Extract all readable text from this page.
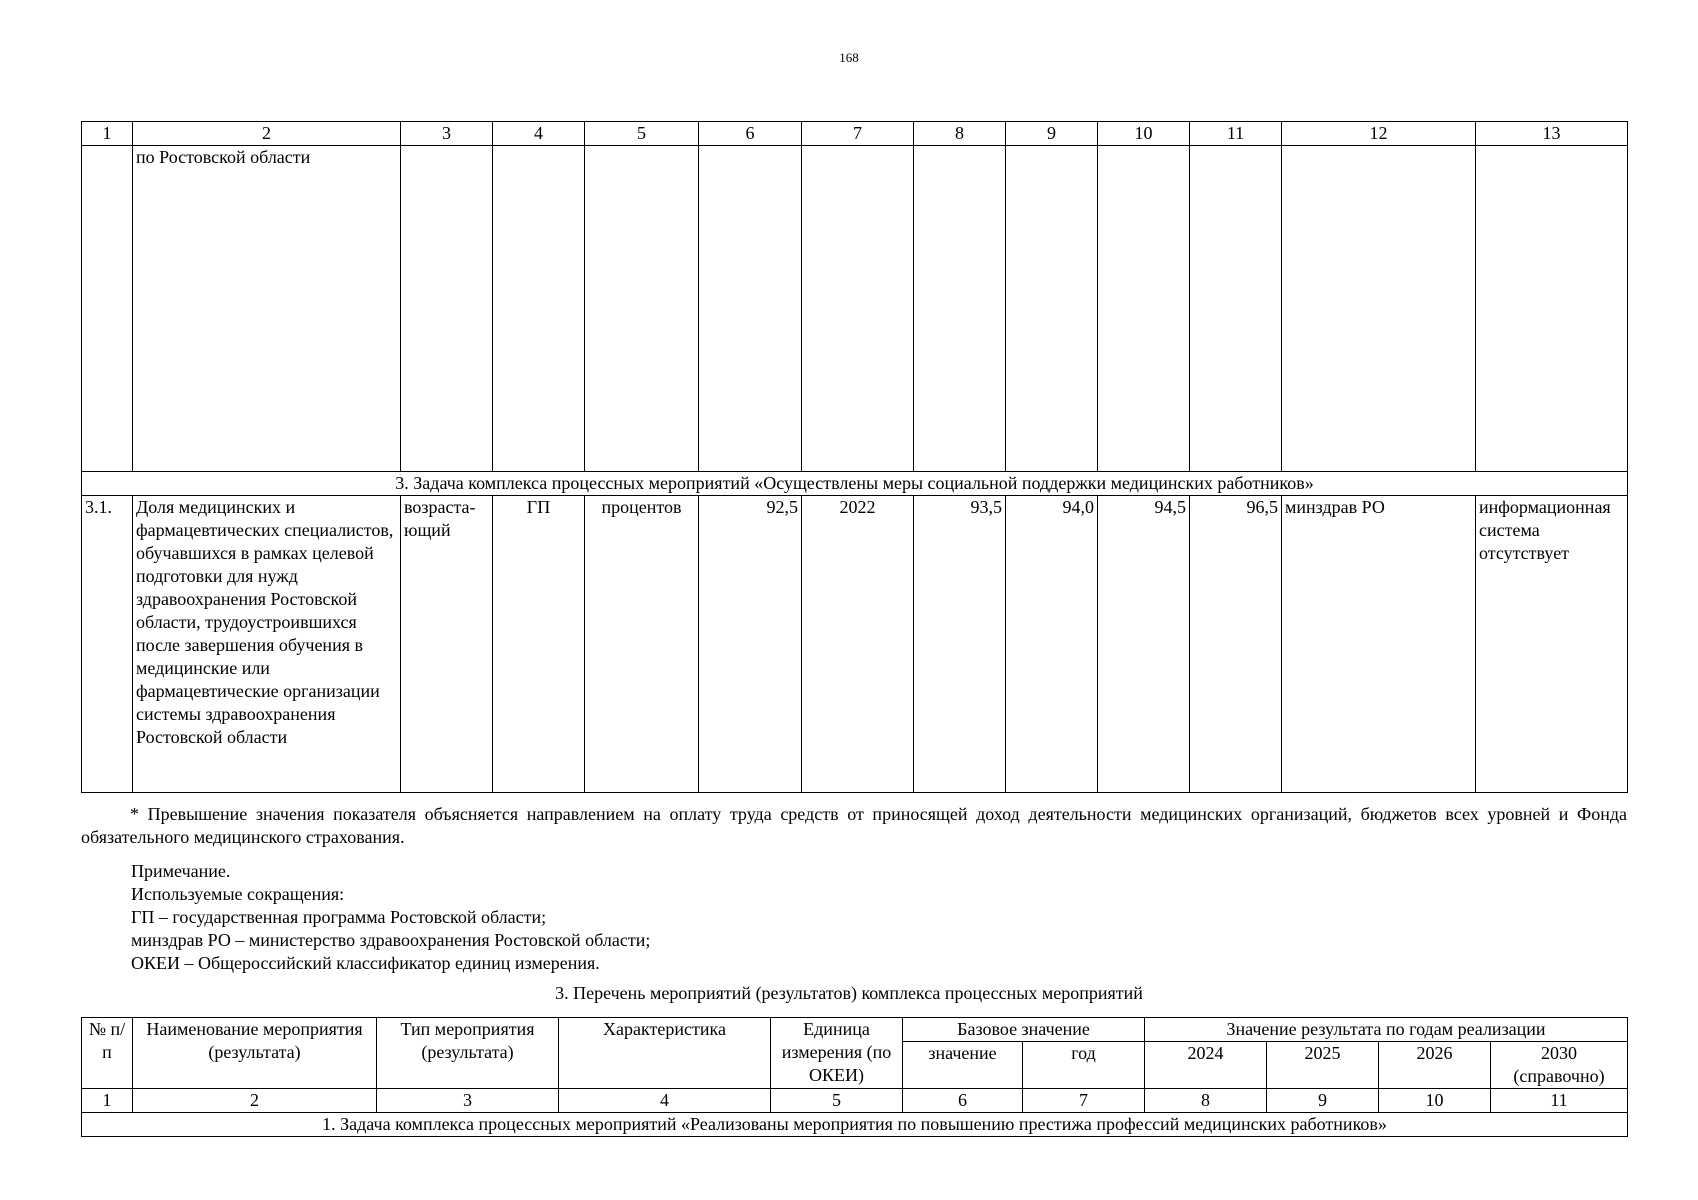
168
1	2	3	4	5	6	7	8	9	10	11	12	13
	по Ростовской области											
3. Задача комплекса процессных мероприятий «Осуществлены меры социальной поддержки медицинских работников»												
3.1.	Доля медицинских и фармацевтических специалистов, обучавшихся в рамках целевой подготовки для нужд здравоохранения Ростовской области, трудоустроившихся после завершения обучения в медицинские или фармацевтические организации системы здравоохранения Ростовской области	возраста-ющий	ГП	процентов	92,5	2022	93,5	94,0	94,5	96,5	минздрав РО	информационная система отсутствует
* Превышение значения показателя объясняется направлением на оплату труда средств от приносящей доход деятельности медицинских организаций, бюджетов всех уровней и Фонда обязательного медицинского страхования.
Примечание.
Используемые сокращения:
ГП – государственная программа Ростовской области;
минздрав РО – министерство здравоохранения Ростовской области;
ОКЕИ – Общероссийский классификатор единиц измерения.
3. Перечень мероприятий (результатов) комплекса процессных мероприятий
№ п/п	Наименование мероприятия (результата)	Тип мероприятия (результата)	Характеристика	Единица измерения (по ОКЕИ)	Базовое значение		Значение результата по годам реализации			
					значение	год	2024	2025	2026	2030 (справочно)
1	2	3	4	5	6	7	8	9	10	11
1. Задача комплекса процессных мероприятий «Реализованы мероприятия по повышению престижа профессий медицинских работников»										
